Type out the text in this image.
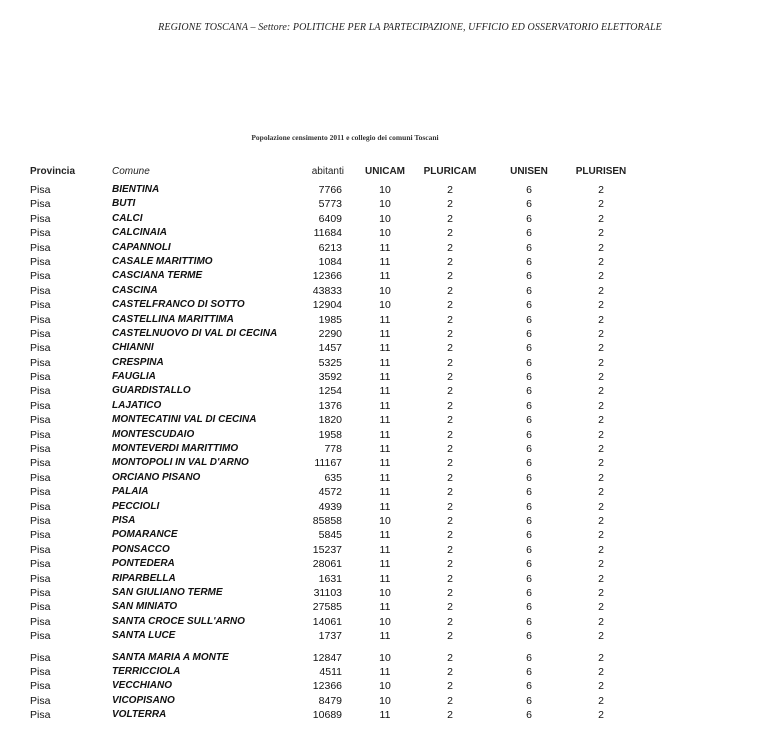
REGIONE TOSCANA – Settore: POLITICHE PER LA PARTECIPAZIONE, UFFICIO ED OSSERVATORIO ELETTORALE
Popolazione censimento 2011 e collegio dei comuni Toscani
Provincia	Comune	abitanti	UNICAM	PLURICAM	UNISEN	PLURISEN
Pisa	BIENTINA	7766	10	2	6	2
Pisa	BUTI	5773	10	2	6	2
Pisa	CALCI	6409	10	2	6	2
Pisa	CALCINAIA	11684	10	2	6	2
Pisa	CAPANNOLI	6213	11	2	6	2
Pisa	CASALE MARITTIMO	1084	11	2	6	2
Pisa	CASCIANA TERME	12366	11	2	6	2
Pisa	CASCINA	43833	10	2	6	2
Pisa	CASTELFRANCO DI SOTTO	12904	10	2	6	2
Pisa	CASTELLINA MARITTIMA	1985	11	2	6	2
Pisa	CASTELNUOVO DI VAL DI CECINA	2290	11	2	6	2
Pisa	CHIANNI	1457	11	2	6	2
Pisa	CRESPINA	5325	11	2	6	2
Pisa	FAUGLIA	3592	11	2	6	2
Pisa	GUARDISTALLO	1254	11	2	6	2
Pisa	LAJATICO	1376	11	2	6	2
Pisa	MONTECATINI VAL DI CECINA	1820	11	2	6	2
Pisa	MONTESCUDAIO	1958	11	2	6	2
Pisa	MONTEVERDI MARITTIMO	778	11	2	6	2
Pisa	MONTOPOLI IN VAL D'ARNO	11167	11	2	6	2
Pisa	ORCIANO PISANO	635	11	2	6	2
Pisa	PALAIA	4572	11	2	6	2
Pisa	PECCIOLI	4939	11	2	6	2
Pisa	PISA	85858	10	2	6	2
Pisa	POMARANCE	5845	11	2	6	2
Pisa	PONSACCO	15237	11	2	6	2
Pisa	PONTEDERA	28061	11	2	6	2
Pisa	RIPARBELLA	1631	11	2	6	2
Pisa	SAN GIULIANO TERME	31103	10	2	6	2
Pisa	SAN MINIATO	27585	11	2	6	2
Pisa	SANTA CROCE SULL'ARNO	14061	10	2	6	2
Pisa	SANTA LUCE	1737	11	2	6	2
Pisa	SANTA MARIA A MONTE	12847	10	2	6	2
Pisa	TERRICCIOLA	4511	11	2	6	2
Pisa	VECCHIANO	12366	10	2	6	2
Pisa	VICOPISANO	8479	10	2	6	2
Pisa	VOLTERRA	10689	11	2	6	2
